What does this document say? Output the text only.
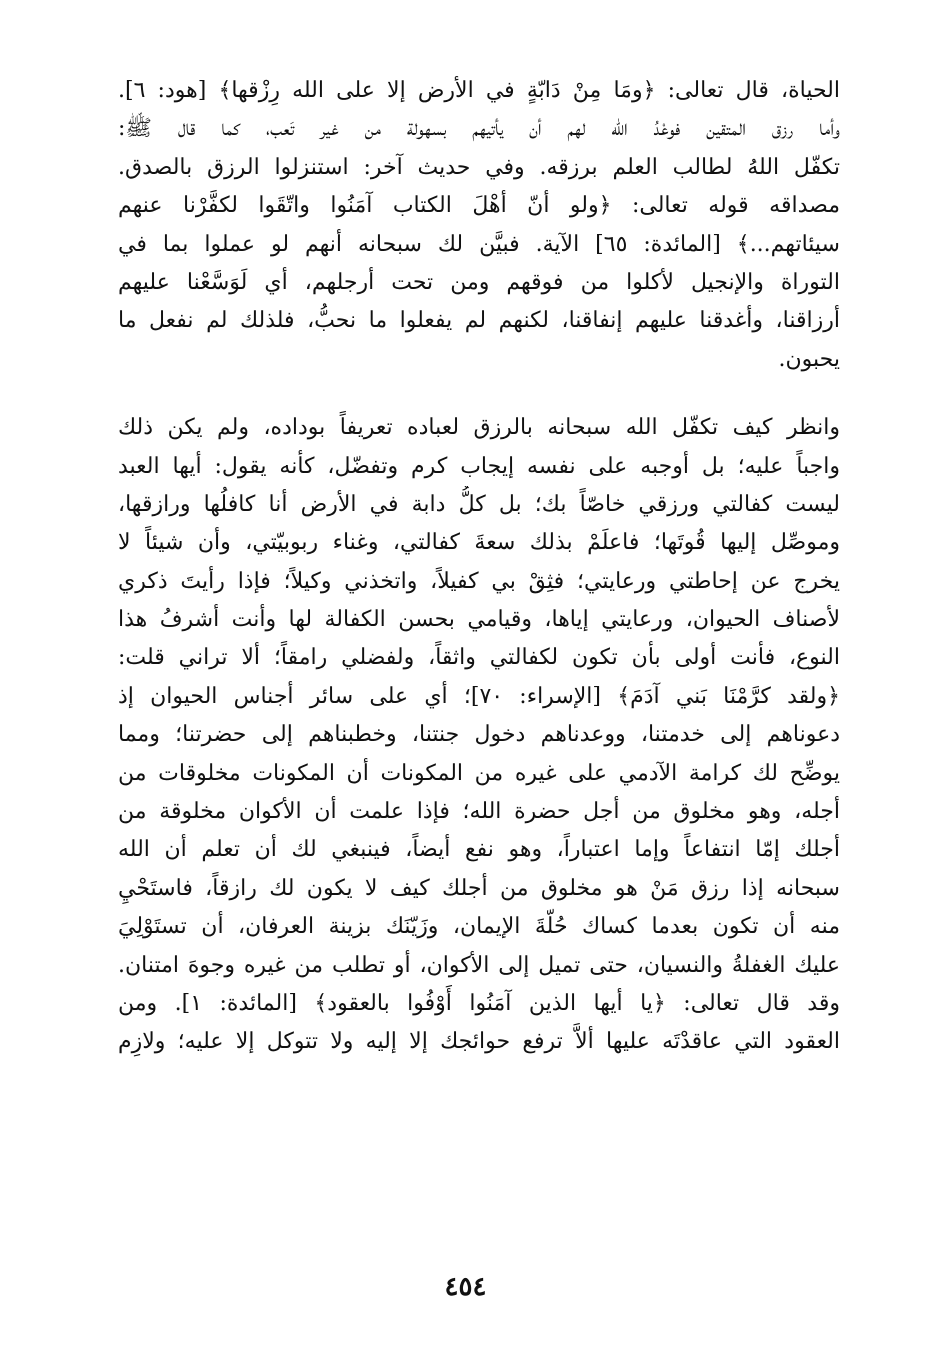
الحياة، قال تعالى: ﴿ومَا مِنْ دَابّةٍ في الأرض إلا على الله رِزْقها﴾ [هود: ٦].
وأما رزق المتقين فوعْدُ الله لهم أن يأتيهم بسهولة من غير تَعب، كما قال ﷺ:
تكفّل اللهُ لطالب العلم برزقه. وفي حديث آخر: استنزلوا الرزق بالصدق.
مصداقه قوله تعالى: ﴿ولو أنّ أهْلَ الكتاب آمَنُوا واتّقَوا لكفَّرْنا عنهم
سيئاتهم...﴾ [المائدة: ٦٥] الآية. فبيَّن لك سبحانه أنهم لو عملوا بما في
التوراة والإنجيل لأكلوا من فوقهم ومن تحت أرجلهم، أي لَوَسَّعْنا عليهم
أرزاقنا، وأغدقنا عليهم إنفاقنا، لكنهم لم يفعلوا ما نحبُّ، فلذلك لم نفعل ما
يحبون.
وانظر كيف تكفّل الله سبحانه بالرزق لعباده تعريفاً بوداده، ولم يكن ذلك
واجباً عليه؛ بل أوجبه على نفسه إيجاب كرم وتفضّل، كأنه يقول: أيها العبد
ليست كفالتي ورزقي خاصّاً بك؛ بل كلُّ دابة في الأرض أنا كافلُها ورازقها،
وموصِّل إليها قُوتَها؛ فاعلَمْ بذلك سعةَ كفالتي، وغناء ربوبيّتي، وأن شيئاً لا
يخرج عن إحاطتي ورعايتي؛ فثِقْ بي كفيلاً، واتخذني وكيلاً؛ فإذا رأيتَ ذكري
لأصناف الحيوان، ورعايتي إياها، وقيامي بحسن الكفالة لها وأنت أشرفُ هذا
النوع، فأنت أولى بأن تكون لكفالتي واثقاً، ولفضلي رامقاً؛ ألا تراني قلت:
﴿ولقد كرَّمْنَا بَني آدَمَ﴾ [الإسراء: ٧٠]؛ أي على سائر أجناس الحيوان إذ
دعوناهم إلى خدمتنا، ووعدناهم دخول جنتنا، وخطبناهم إلى حضرتنا؛ ومما
يوضِّح لك كرامة الآدمي على غيره من المكونات أن المكونات مخلوقات من
أجله، وهو مخلوق من أجل حضرة الله؛ فإذا علمت أن الأكوان مخلوقة من
أجلك إمّا انتفاعاً وإما اعتباراً، وهو نفع أيضاً، فينبغي لك أن تعلم أن الله
سبحانه إذا رزق مَنْ هو مخلوق من أجلك كيف لا يكون لك رازقاً، فاستَحْيِ
منه أن تكون بعدما كساك حُلّةَ الإيمان، وزَيّنَك بزينة العرفان، أن تستَوْلِيَ
عليك الغفلةُ والنسيان، حتى تميل إلى الأكوان، أو تطلب من غيره وجوهَ امتنان.
وقد قال تعالى: ﴿يا أيها الذين آمَنُوا أَوْفُوا بالعقود﴾ [المائدة: ١]. ومن
العقود التي عاقدْتَه عليها ألاَّ ترفع حوائجك إلا إليه ولا تتوكل إلا عليه؛ ولازِم
٤٥٤
